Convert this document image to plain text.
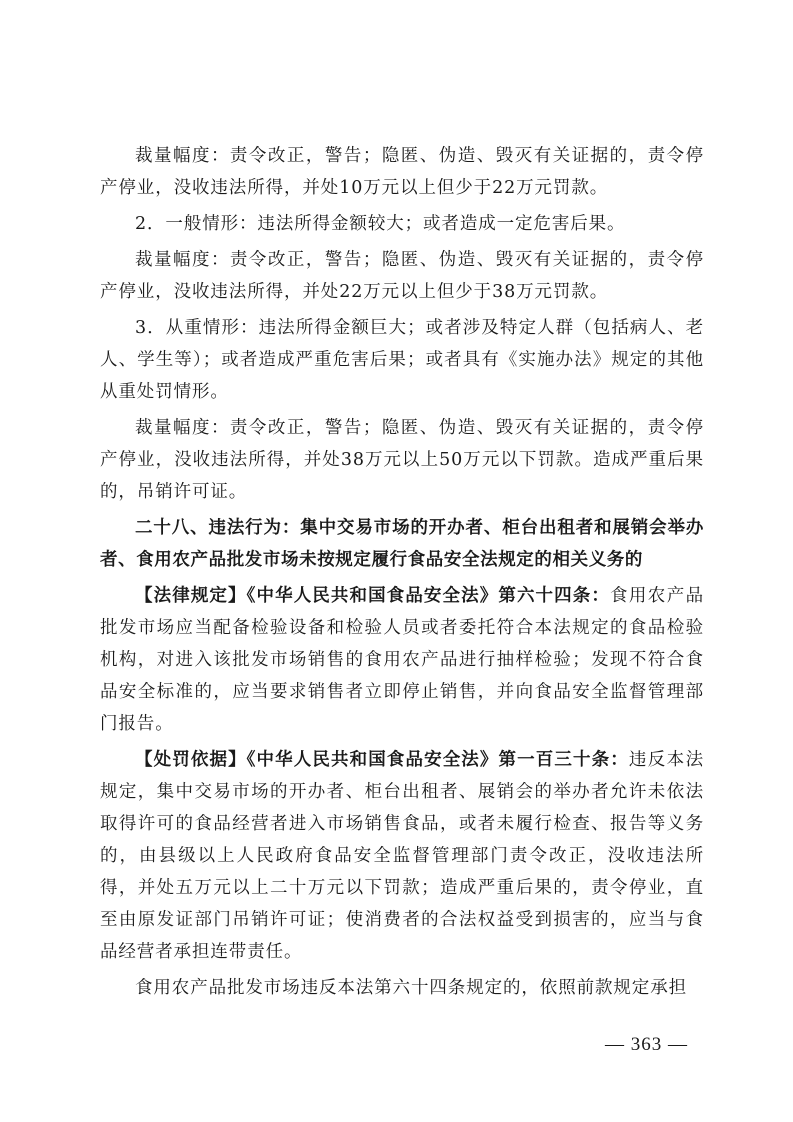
裁量幅度：责令改正，警告；隐匿、伪造、毁灭有关证据的，责令停产停业，没收违法所得，并处10万元以上但少于22万元罚款。

2．一般情形：违法所得金额较大；或者造成一定危害后果。

裁量幅度：责令改正，警告；隐匿、伪造、毁灭有关证据的，责令停产停业，没收违法所得，并处22万元以上但少于38万元罚款。

3．从重情形：违法所得金额巨大；或者涉及特定人群（包括病人、老人、学生等）；或者造成严重危害后果；或者具有《实施办法》规定的其他从重处罚情形。

裁量幅度：责令改正，警告；隐匿、伪造、毁灭有关证据的，责令停产停业，没收违法所得，并处38万元以上50万元以下罚款。造成严重后果的，吊销许可证。

二十八、违法行为：集中交易市场的开办者、柜台出租者和展销会举办者、食用农产品批发市场未按规定履行食品安全法规定的相关义务的

【法律规定】《中华人民共和国食品安全法》第六十四条：食用农产品批发市场应当配备检验设备和检验人员或者委托符合本法规定的食品检验机构，对进入该批发市场销售的食用农产品进行抽样检验；发现不符合食品安全标准的，应当要求销售者立即停止销售，并向食品安全监督管理部门报告。

【处罚依据】《中华人民共和国食品安全法》第一百三十条：违反本法规定，集中交易市场的开办者、柜台出租者、展销会的举办者允许未依法取得许可的食品经营者进入市场销售食品，或者未履行检查、报告等义务的，由县级以上人民政府食品安全监督管理部门责令改正，没收违法所得，并处五万元以上二十万元以下罚款；造成严重后果的，责令停业，直至由原发证部门吊销许可证；使消费者的合法权益受到损害的，应当与食品经营者承担连带责任。

食用农产品批发市场违反本法第六十四条规定的，依照前款规定承担

— 363 —
